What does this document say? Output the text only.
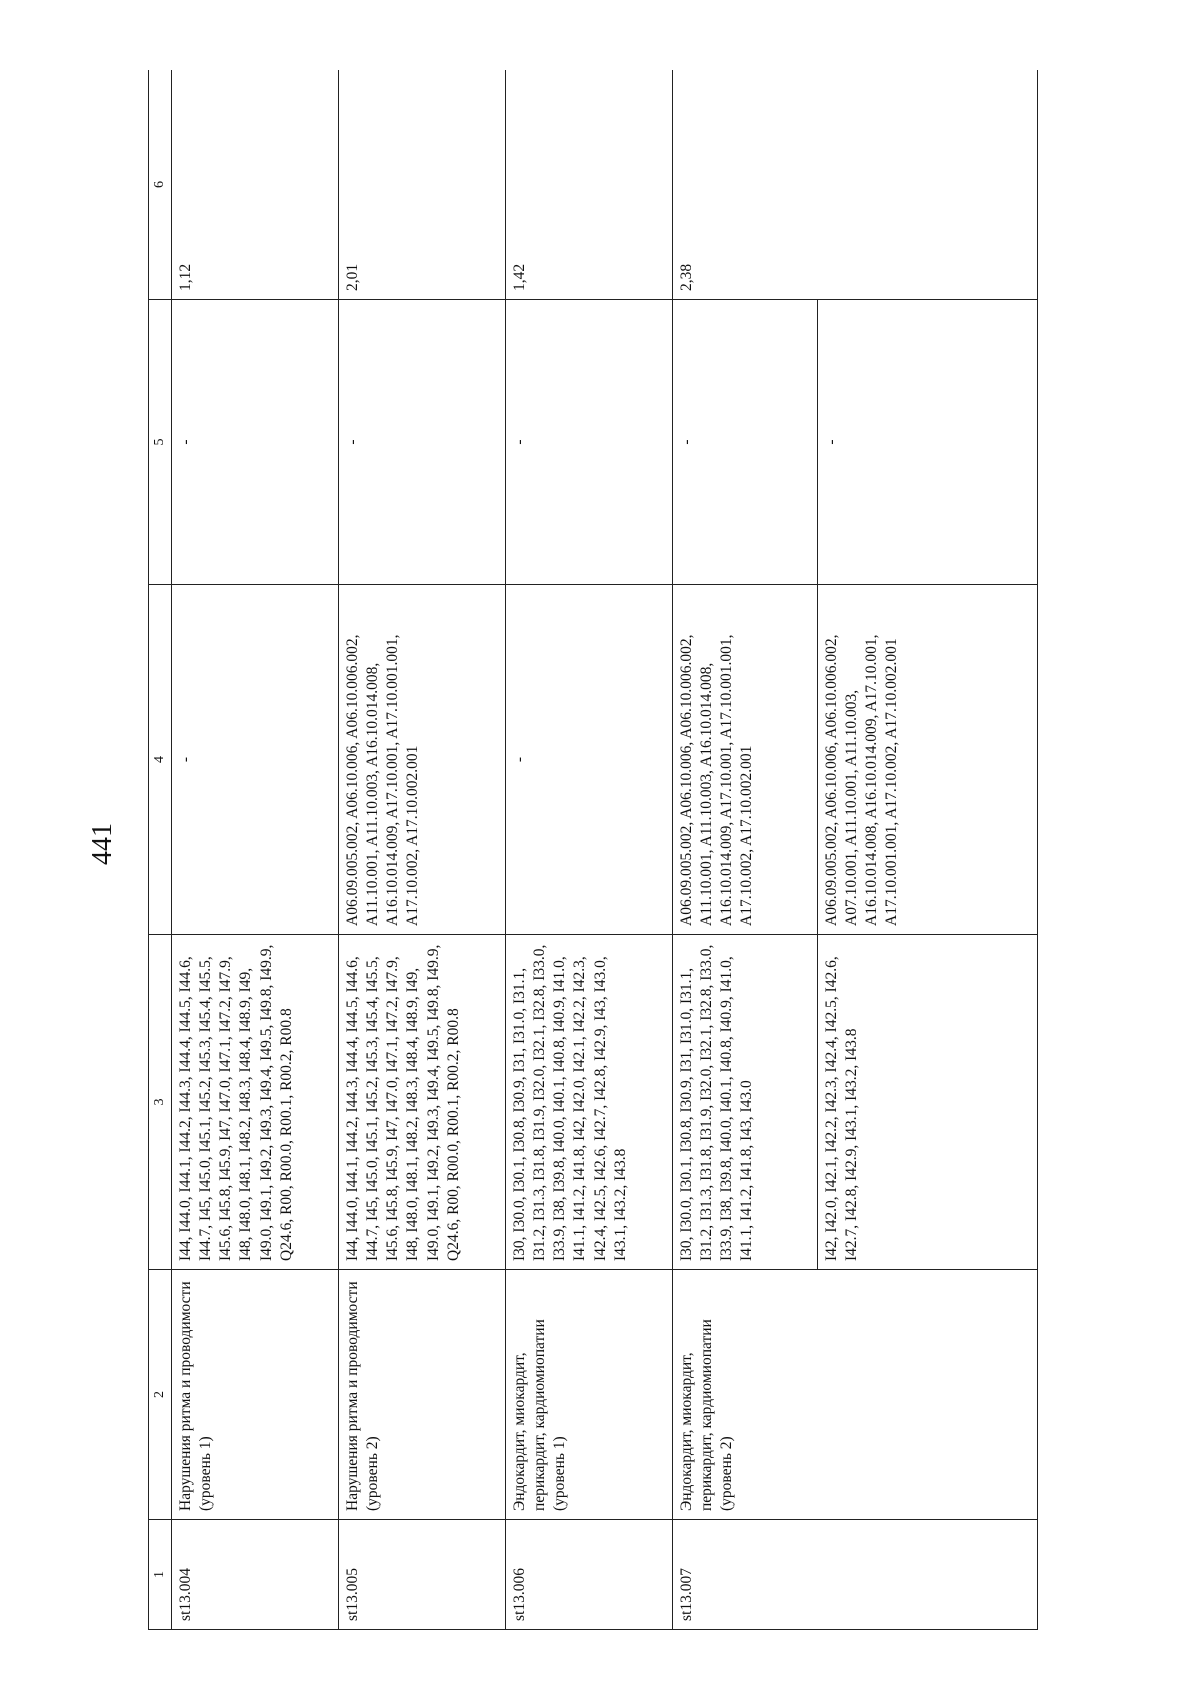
441
1	2	3	4	5	6
st13.004	Нарушения ритма и проводимости (уровень 1)	I44, I44.0, I44.1, I44.2, I44.3, I44.4, I44.5, I44.6, I44.7, I45, I45.0, I45.1, I45.2, I45.3, I45.4, I45.5, I45.6, I45.8, I45.9, I47, I47.0, I47.1, I47.2, I47.9, I48, I48.0, I48.1, I48.2, I48.3, I48.4, I48.9, I49, I49.0, I49.1, I49.2, I49.3, I49.4, I49.5, I49.8, I49.9, Q24.6, R00, R00.0, R00.1, R00.2, R00.8	-	-	1,12
st13.005	Нарушения ритма и проводимости (уровень 2)	I44, I44.0, I44.1, I44.2, I44.3, I44.4, I44.5, I44.6, I44.7, I45, I45.0, I45.1, I45.2, I45.3, I45.4, I45.5, I45.6, I45.8, I45.9, I47, I47.0, I47.1, I47.2, I47.9, I48, I48.0, I48.1, I48.2, I48.3, I48.4, I48.9, I49, I49.0, I49.1, I49.2, I49.3, I49.4, I49.5, I49.8, I49.9, Q24.6, R00, R00.0, R00.1, R00.2, R00.8	A06.09.005.002, A06.10.006, A06.10.006.002, A11.10.001, A11.10.003, A16.10.014.008, A16.10.014.009, A17.10.001, A17.10.001.001, A17.10.002, A17.10.002.001	-	2,01
st13.006	Эндокардит, миокардит, перикардит, кардиомиопатии (уровень 1)	I30, I30.0, I30.1, I30.8, I30.9, I31, I31.0, I31.1, I31.2, I31.3, I31.8, I31.9, I32.0, I32.1, I32.8, I33.0, I33.9, I38, I39.8, I40.0, I40.1, I40.8, I40.9, I41.0, I41.1, I41.2, I41.8, I42, I42.0, I42.1, I42.2, I42.3, I42.4, I42.5, I42.6, I42.7, I42.8, I42.9, I43, I43.0, I43.1, I43.2, I43.8	-	-	1,42
st13.007	Эндокардит, миокардит, перикардит, кардиомиопатии (уровень 2)	I30, I30.0, I30.1, I30.8, I30.9, I31, I31.0, I31.1, I31.2, I31.3, I31.8, I31.9, I32.0, I32.1, I32.8, I33.0, I33.9, I38, I39.8, I40.0, I40.1, I40.8, I40.9, I41.0, I41.1, I41.2, I41.8, I43, I43.0	A06.09.005.002, A06.10.006, A06.10.006.002, A11.10.001, A11.10.003, A16.10.014.008, A16.10.014.009, A17.10.001, A17.10.001.001, A17.10.002, A17.10.002.001	-	2,38
		I42, I42.0, I42.1, I42.2, I42.3, I42.4, I42.5, I42.6, I42.7, I42.8, I42.9, I43.1, I43.2, I43.8	A06.09.005.002, A06.10.006, A06.10.006.002, A07.10.001, A11.10.001, A11.10.003, A16.10.014.008, A16.10.014.009, A17.10.001, A17.10.001.001, A17.10.002, A17.10.002.001	-	
